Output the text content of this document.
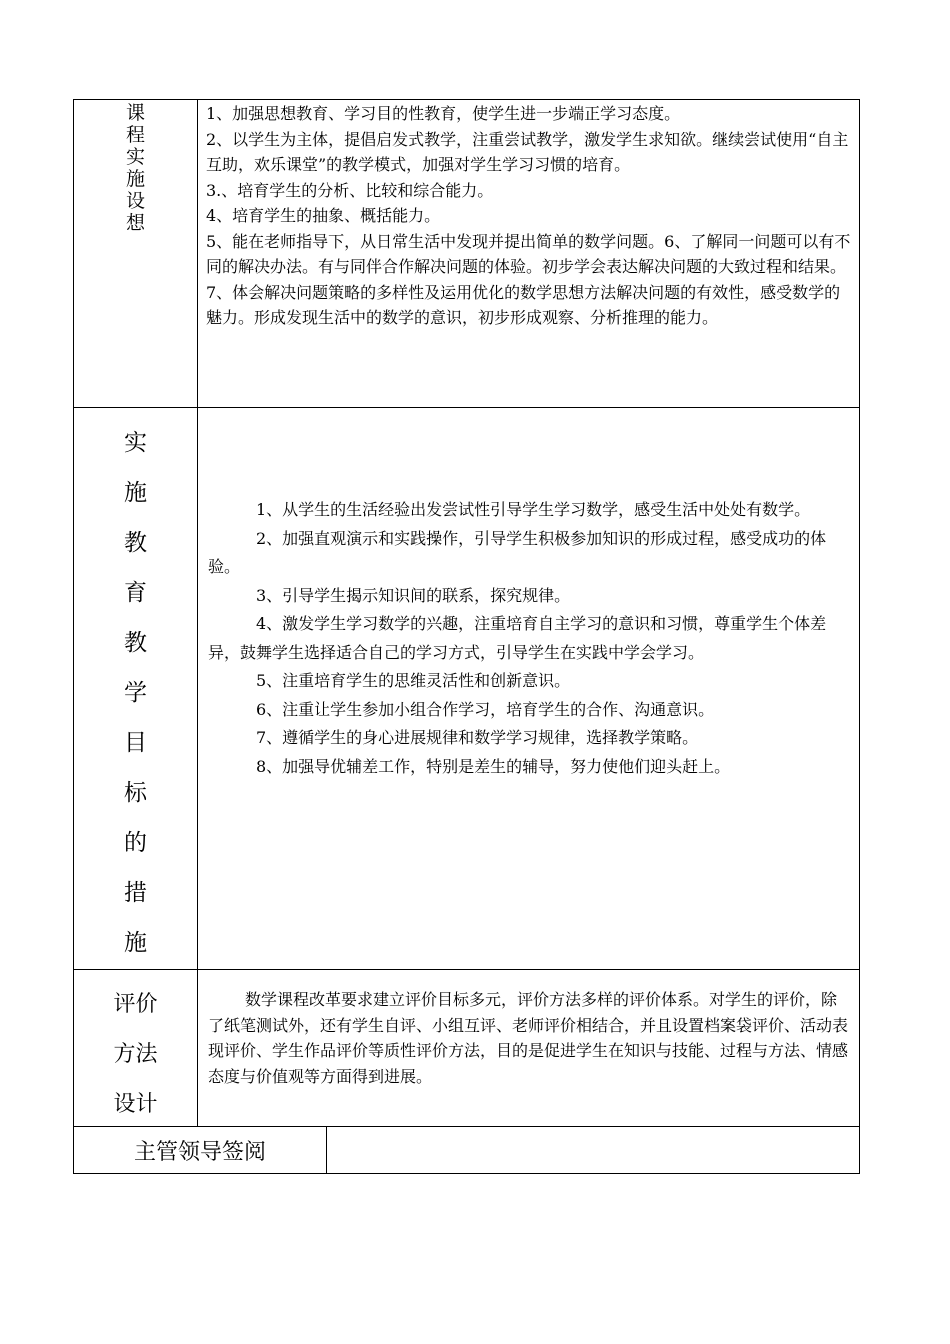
课
程
实
施
设
想

1、加强思想教育、学习目的性教育，使学生进一步端正学习态度。

2、以学生为主体，提倡启发式教学，注重尝试教学，激发学生求知欲。继续尝试使用“自主互助，欢乐课堂”的教学模式，加强对学生学习习惯的培育。

3.、培育学生的分析、比较和综合能力。

4、培育学生的抽象、概括能力。

5、能在老师指导下，从日常生活中发现并提出简单的数学问题。6、了解同一问题可以有不同的解决办法。有与同伴合作解决问题的体验。初步学会表达解决问题的大致过程和结果。

7、体会解决问题策略的多样性及运用优化的数学思想方法解决问题的有效性，感受数学的魅力。形成发现生活中的数学的意识，初步形成观察、分析推理的能力。

实
施
教
育
教
学
目
标
的
措
施

1、从学生的生活经验出发尝试性引导学生学习数学，感受生活中处处有数学。

2、加强直观演示和实践操作，引导学生积极参加知识的形成过程，感受成功的体验。

3、引导学生揭示知识间的联系，探究规律。

4、激发学生学习数学的兴趣，注重培育自主学习的意识和习惯，尊重学生个体差异，鼓舞学生选择适合自己的学习方式，引导学生在实践中学会学习。

5、注重培育学生的思维灵活性和创新意识。

6、注重让学生参加小组合作学习，培育学生的合作、沟通意识。

7、遵循学生的身心进展规律和数学学习规律，选择教学策略。

8、加强导优辅差工作，特别是差生的辅导，努力使他们迎头赶上。

评价
方法
设计

数学课程改革要求建立评价目标多元，评价方法多样的评价体系。对学生的评价，除了纸笔测试外，还有学生自评、小组互评、老师评价相结合，并且设置档案袋评价、活动表现评价、学生作品评价等质性评价方法，目的是促进学生在知识与技能、过程与方法、情感态度与价值观等方面得到进展。

主管领导签阅
